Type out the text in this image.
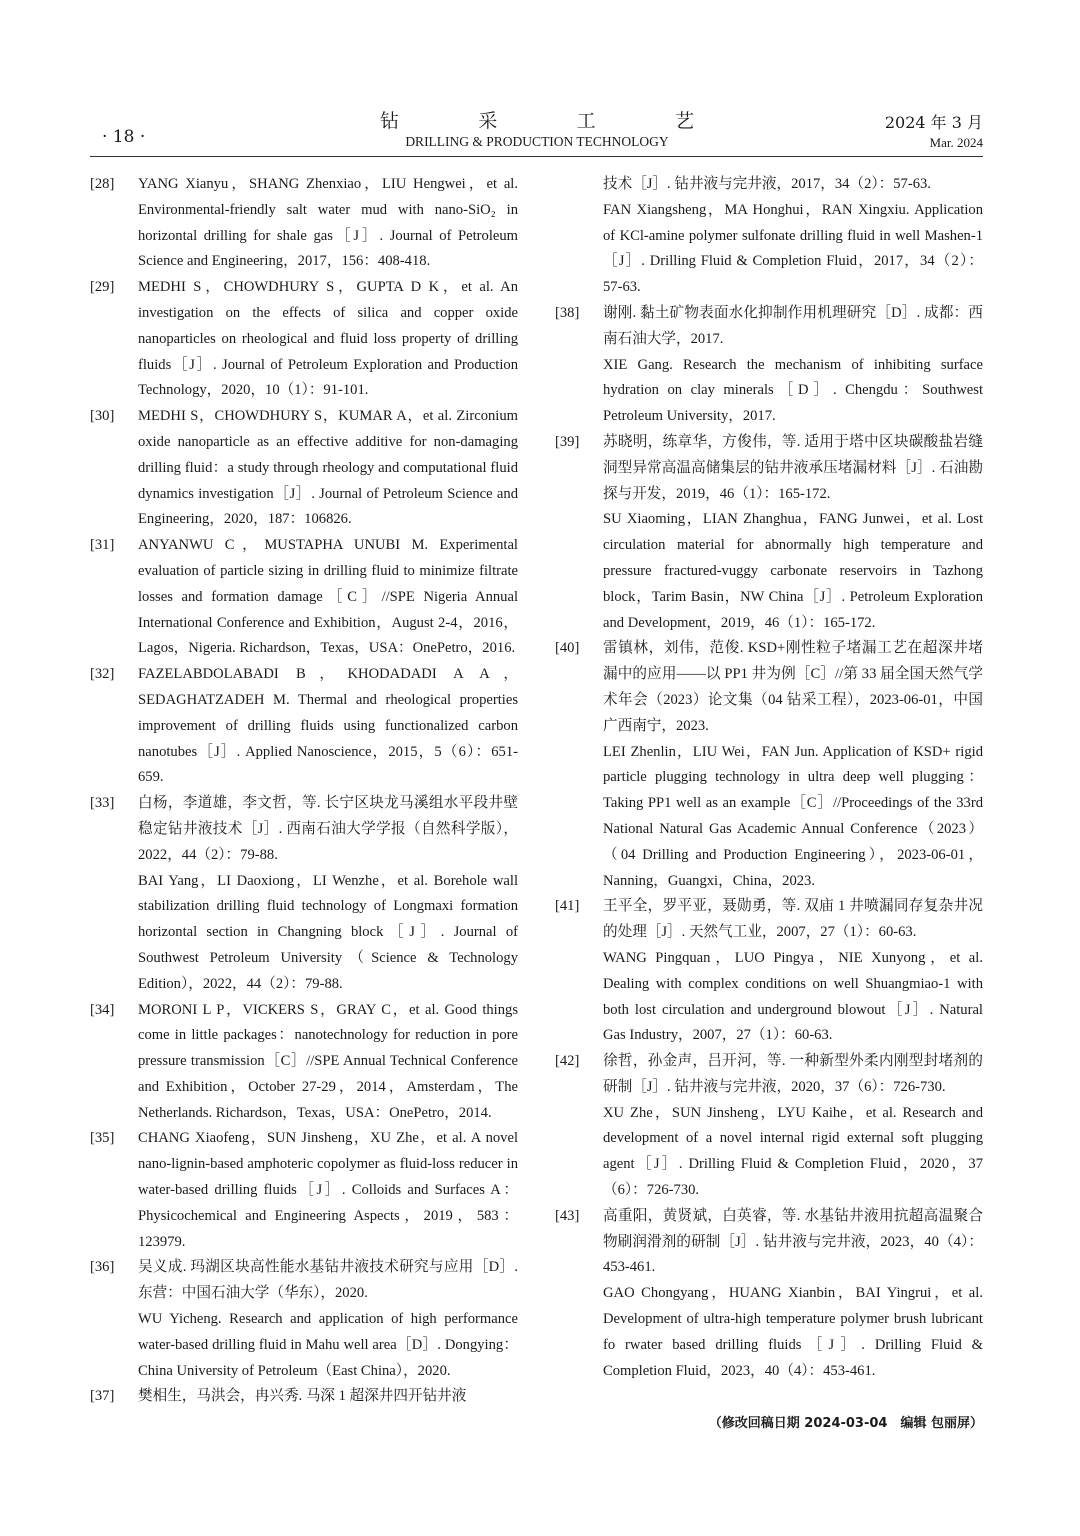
· 18 ·
钻	采	工	艺
DRILLING & PRODUCTION TECHNOLOGY
2024 年 3 月
Mar. 2024
[28]	YANG Xianyu，SHANG Zhenxiao，LIU Hengwei，et al. Environmental-friendly salt water mud with nano-SiO₂ in horizontal drilling for shale gas［J］. Journal of Petroleum Science and Engineering，2017，156：408-418.

[29]	MEDHI S，CHOWDHURY S，GUPTA D K，et al. An investigation on the effects of silica and copper oxide nanoparticles on rheological and fluid loss property of drilling fluids［J］. Journal of Petroleum Exploration and Production Technology，2020，10（1）：91-101.

[30]	MEDHI S，CHOWDHURY S，KUMAR A，et al. Zirconium oxide nanoparticle as an effective additive for non-damaging drilling fluid：a study through rheology and computational fluid dynamics investigation［J］. Journal of Petroleum Science and Engineering，2020，187：106826.

[31]	ANYANWU C，MUSTAPHA UNUBI M. Experimental evaluation of particle sizing in drilling fluid to minimize filtrate losses and formation damage［C］//SPE Nigeria Annual International Conference and Exhibition，August 2-4，2016，Lagos，Nigeria. Richardson，Texas，USA：OnePetro，2016.

[32]	FAZELABDOLABADI B，KHODADADI A A，SEDAGHATZADEH M. Thermal and rheological properties improvement of drilling fluids using functionalized carbon nanotubes［J］. Applied Nanoscience，2015，5（6）：651-659.

[33]	白杨，李道雄，李文哲，等. 长宁区块龙马溪组水平段井壁稳定钻井液技术［J］. 西南石油大学学报（自然科学版），2022，44（2）：79-88.

BAI Yang，LI Daoxiong，LI Wenzhe，et al. Borehole wall stabilization drilling fluid technology of Longmaxi formation horizontal section in Changning block［J］. Journal of Southwest Petroleum University（Science & Technology Edition），2022，44（2）：79-88.

[34]	MORONI L P，VICKERS S，GRAY C，et al. Good things come in little packages：nanotechnology for reduction in pore pressure transmission［C］//SPE Annual Technical Conference and Exhibition，October 27-29，2014，Amsterdam，The Netherlands. Richardson，Texas，USA：OnePetro，2014.

[35]	CHANG Xiaofeng，SUN Jinsheng，XU Zhe，et al. A novel nano-lignin-based amphoteric copolymer as fluid-loss reducer in water-based drilling fluids［J］. Colloids and Surfaces A：Physicochemical and Engineering Aspects，2019，583：123979.

[36]	吴义成. 玛湖区块高性能水基钻井液技术研究与应用［D］. 东营：中国石油大学（华东），2020.

WU Yicheng. Research and application of high performance water-based drilling fluid in Mahu well area［D］. Dongying：China University of Petroleum（East China），2020.

[37]	樊相生，马洪会，冉兴秀. 马深 1 超深井四开钻井液

技术［J］. 钻井液与完井液，2017，34（2）：57-63.

FAN Xiangsheng，MA Honghui，RAN Xingxiu. Application of KCl-amine polymer sulfonate drilling fluid in well Mashen-1［J］. Drilling Fluid & Completion Fluid，2017，34（2）：57-63.

[38]	谢刚. 黏土矿物表面水化抑制作用机理研究［D］. 成都：西南石油大学，2017.

XIE Gang. Research the mechanism of inhibiting surface hydration on clay minerals［D］. Chengdu：Southwest Petroleum University，2017.

[39]	苏晓明，练章华，方俊伟，等. 适用于塔中区块碳酸盐岩缝洞型异常高温高储集层的钻井液承压堵漏材料［J］. 石油勘探与开发，2019，46（1）：165-172.

SU Xiaoming，LIAN Zhanghua，FANG Junwei，et al. Lost circulation material for abnormally high temperature and pressure fractured-vuggy carbonate reservoirs in Tazhong block，Tarim Basin，NW China［J］. Petroleum Exploration and Development，2019，46（1）：165-172.

[40]	雷镇林，刘伟，范俊. KSD+刚性粒子堵漏工艺在超深井堵漏中的应用——以 PP1 井为例［C］//第 33 届全国天然气学术年会（2023）论文集（04 钻采工程），2023-06-01，中国广西南宁，2023.

LEI Zhenlin，LIU Wei，FAN Jun. Application of KSD+ rigid particle plugging technology in ultra deep well plugging：Taking PP1 well as an example［C］//Proceedings of the 33rd National Natural Gas Academic Annual Conference（2023）（04 Drilling and Production Engineering），2023-06-01，Nanning，Guangxi，China，2023.

[41]	王平全，罗平亚，聂勋勇，等. 双庙 1 井喷漏同存复杂井况的处理［J］. 天然气工业，2007，27（1）：60-63.

WANG Pingquan，LUO Pingya，NIE Xunyong，et al. Dealing with complex conditions on well Shuangmiao-1 with both lost circulation and underground blowout［J］. Natural Gas Industry，2007，27（1）：60-63.

[42]	徐哲，孙金声，吕开河，等. 一种新型外柔内刚型封堵剂的研制［J］. 钻井液与完井液，2020，37（6）：726-730.

XU Zhe，SUN Jinsheng，LYU Kaihe，et al. Research and development of a novel internal rigid external soft plugging agent［J］. Drilling Fluid & Completion Fluid，2020，37（6）：726-730.

[43]	高重阳，黄贤斌，白英睿，等. 水基钻井液用抗超高温聚合物刷润滑剂的研制［J］. 钻井液与完井液，2023，40（4）：453-461.

GAO Chongyang，HUANG Xianbin，BAI Yingrui，et al. Development of ultra-high temperature polymer brush lubricant fo rwater based drilling fluids［J］. Drilling Fluid & Completion Fluid，2023，40（4）：453-461.

（修改回稿日期 2024-03-04　编辑 包丽屏）
